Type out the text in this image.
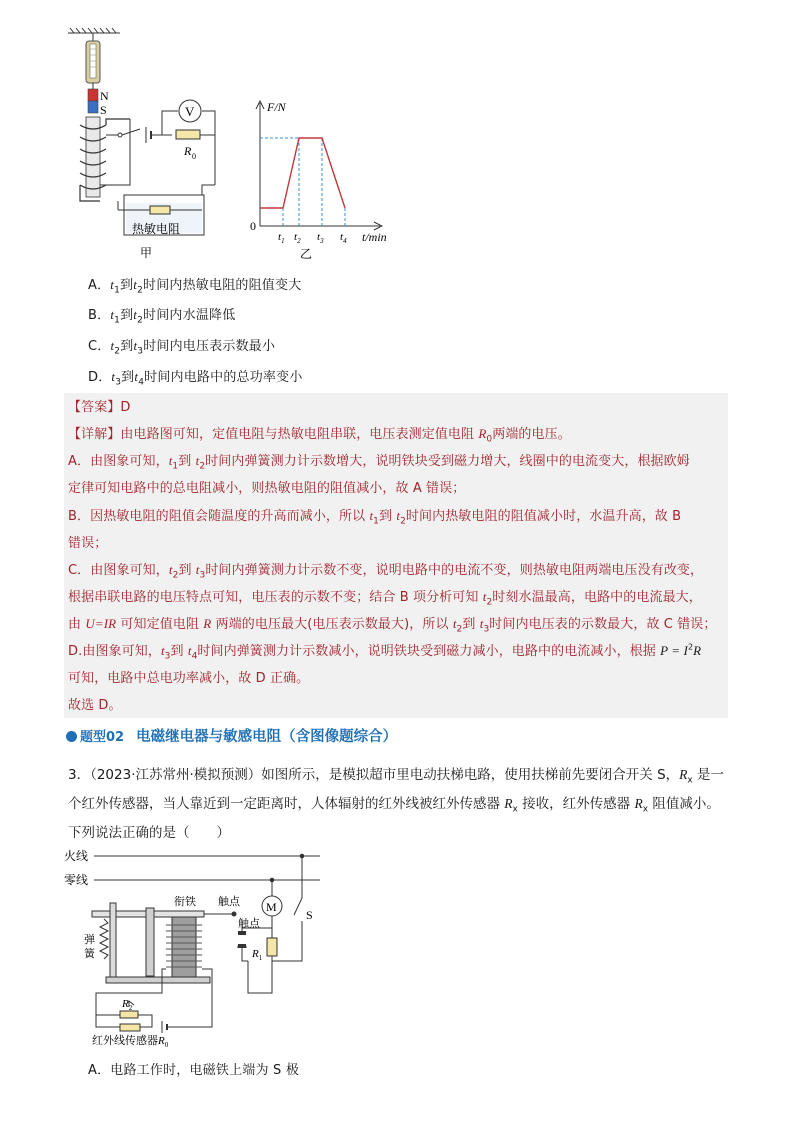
N
S	V
R 0
热敏电阻
甲
F/N
0
t/min
$t_1$ $t_2$ $t_3$ $t_4$
乙
A．$t_1$到$t_2$时间内热敏电阻的阻值变大
B．$t_1$到$t_2$时间内水温降低
C．$t_2$到$t_3$时间内电压表示数最小
D．$t_3$到$t_4$时间内电路中的总功率变小
【答案】D
【详解】由电路图可知，定值电阻与热敏电阻串联，电压表测定值电阻 $R_0$两端的电压。
A．由图象可知，$t_1$到 $t_2$时间内弹簧测力计示数增大，说明铁块受到磁力增大，线圈中的电流变大，根据欧姆
定律可知电路中的总电阻减小，则热敏电阻的阻值减小，故 A 错误；
B．因热敏电阻的阻值会随温度的升高而减小，所以 $t_1$到 $t_2$时间内热敏电阻的阻值减小时，水温升高，故 B
错误；
C．由图象可知，$t_2$到 $t_3$时间内弹簧测力计示数不变，说明电路中的电流不变，则热敏电阻两端电压没有改变，
根据串联电路的电压特点可知，电压表的示数不变；结合 B 项分析可知 $t_2$时刻水温最高，电路中的电流最大，
由 U=IR 可知定值电阻 R 两端的电压最大(电压表示数最大)，所以 $t_2$到 $t_3$时间内电压表的示数最大，故 C 错误；
D.由图象可知，$t_3$到 $t_4$时间内弹簧测力计示数减小，说明铁块受到磁力减小，电路中的电流减小，根据 $P = I^2R$
可知，电路中总电功率减小，故 D 正确。
故选 D。
题型02 电磁继电器与敏感电阻（含图像题综合）
3．（2023·江苏常州·模拟预测）如图所示，是模拟超市里电动扶梯电路，使用扶梯前先要闭合开关 S，$R_x$ 是一
个红外传感器，当人靠近到一定距离时，人体辐射的红外线被红外传感器 $R_x$ 接收，红外传感器 $R_x$ 阻值减小。
下列说法正确的是（　　）
M
$R_1$
火线
零线
衔铁 触点
触点
S
弹
簧
$R_2$
红外线传感器$R_0$
A．电路工作时，电磁铁上端为 S 极
